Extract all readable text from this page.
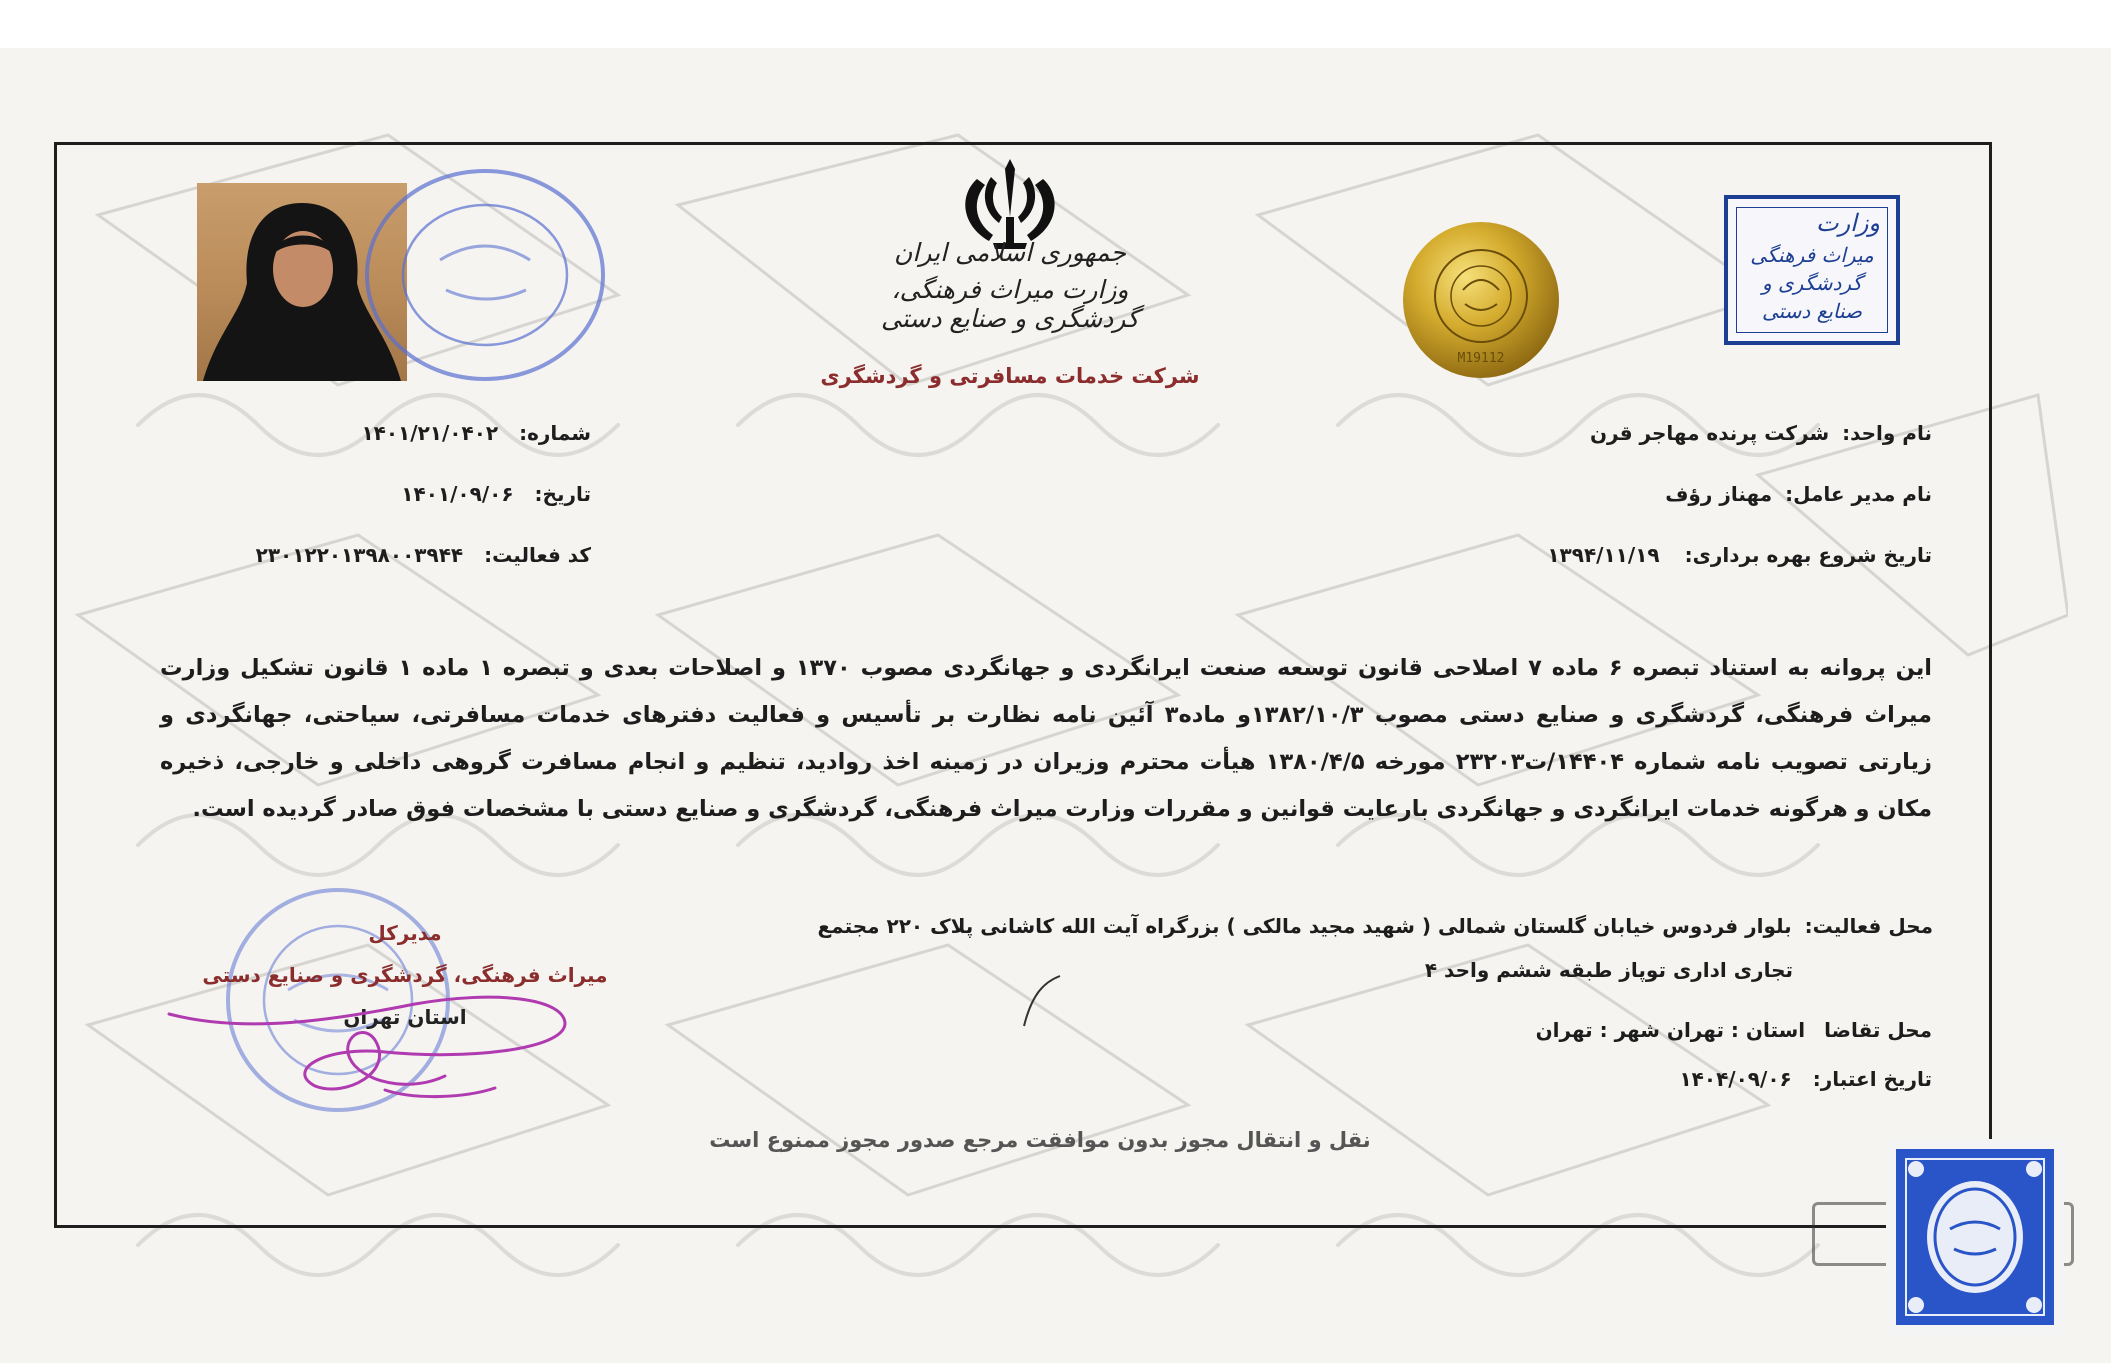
جمهوری اسلامی ایران
وزارت میراث فرهنگی، گردشگری و صنایع دستی
شرکت خدمات مسافرتی و گردشگری
وزارت
میراث فرهنگی گردشگری و صنایع دستی
M19112
نام واحد: شرکت پرنده مهاجر قرن
نام مدیر عامل: مهناز رؤف
تاریخ شروع بهره برداری: ۱۳۹۴/۱۱/۱۹
شماره: ۱۴۰۱/۲۱/۰۴۰۲
تاریخ: ۱۴۰۱/۰۹/۰۶
کد فعالیت: ۲۳۰۱۲۲۰۱۳۹۸۰۰۳۹۴۴
این پروانه به استناد تبصره ۶ ماده ۷ اصلاحی قانون توسعه صنعت ایرانگردی و جهانگردی مصوب ۱۳۷۰ و اصلاحات بعدی و تبصره ۱ ماده ۱ قانون تشکیل وزارت میراث فرهنگی، گردشگری و صنایع دستی مصوب ۱۳۸۲/۱۰/۳و ماده۳ آئین نامه نظارت بر تأسیس و فعالیت دفترهای خدمات مسافرتی، سیاحتی، جهانگردی و زیارتی تصویب نامه شماره ۱۴۴۰۴/ت۲۳۲۰۳ مورخه ۱۳۸۰/۴/۵ هیأت محترم وزیران در زمینه اخذ روادید، تنظیم و انجام مسافرت گروهی داخلی و خارجی، ذخیره مکان و هرگونه خدمات ایرانگردی و جهانگردی بارعایت قوانین و مقررات وزارت میراث فرهنگی، گردشگری و صنایع دستی با مشخصات فوق صادر گردیده است.
محل فعالیت: بلوار فردوس خیابان گلستان شمالی ( شهید مجید مالکی ) بزرگراه آیت الله کاشانی پلاک ۲۲۰ مجتمع
تجاری اداری توپاز طبقه ششم واحد ۴
محل تقاضا استان : تهران شهر : تهران
تاریخ اعتبار: ۱۴۰۴/۰۹/۰۶
مدیرکل
میراث فرهنگی، گردشگری و صنایع دستی
استان تهران
نقل و انتقال مجوز بدون موافقت مرجع صدور مجوز ممنوع است
